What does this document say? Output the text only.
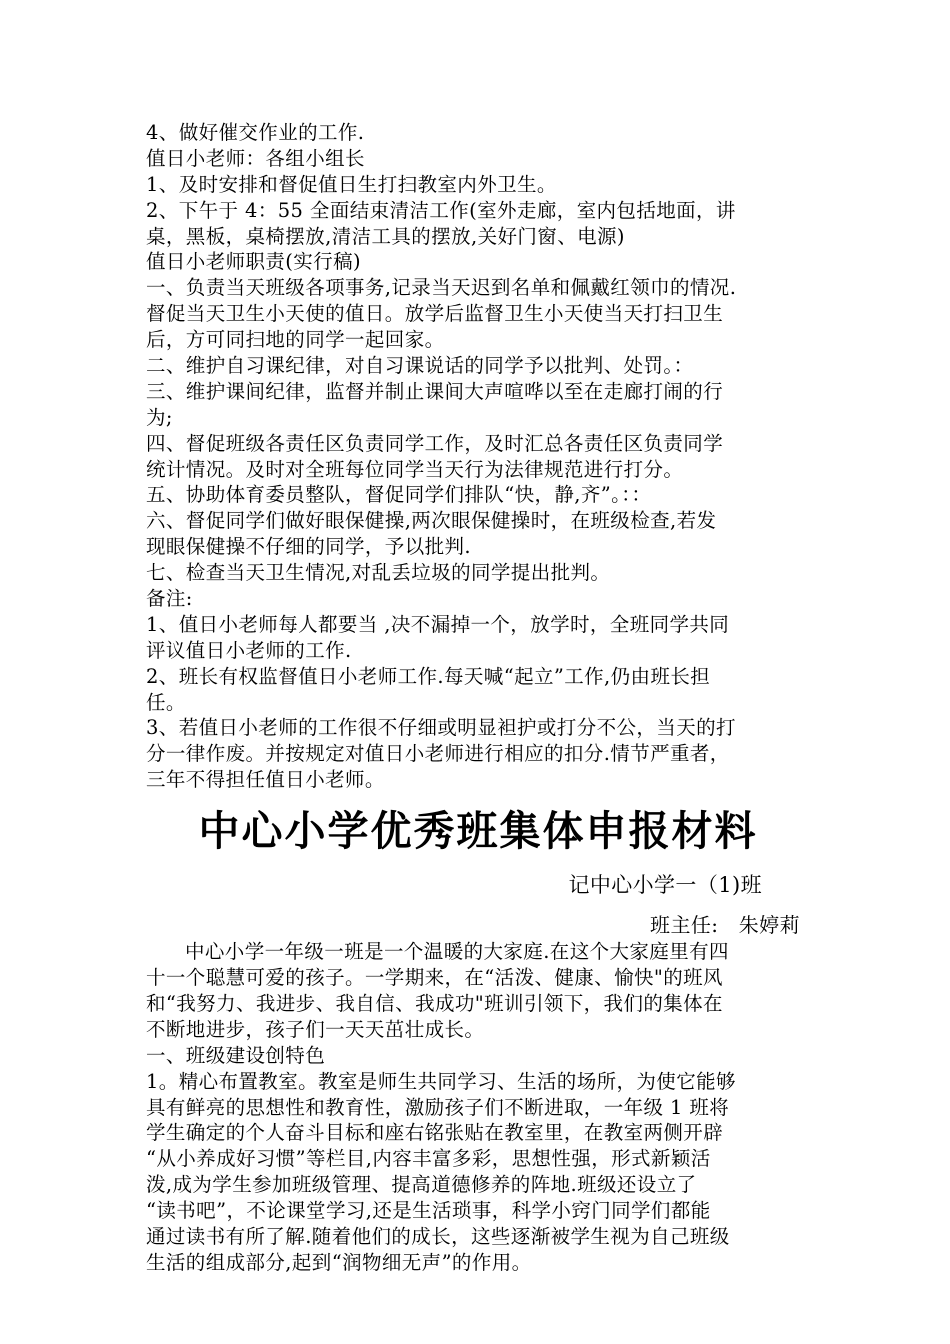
4、做好催交作业的工作.
值日小老师：各组小组长
1、及时安排和督促值日生打扫教室内外卫生。
2、下午于 4：55 全面结束清洁工作(室外走廊，室内包括地面，讲
桌，黑板，桌椅摆放,清洁工具的摆放,关好门窗、电源)
值日小老师职责(实行稿)
一、负责当天班级各项事务,记录当天迟到名单和佩戴红领巾的情况.
督促当天卫生小天使的值日。放学后监督卫生小天使当天打扫卫生
后，方可同扫地的同学一起回家。
二、维护自习课纪律，对自习课说话的同学予以批判、处罚。：
三、维护课间纪律，监督并制止课间大声喧哗以至在走廊打闹的行
为;
四、督促班级各责任区负责同学工作，及时汇总各责任区负责同学
统计情况。及时对全班每位同学当天行为法律规范进行打分。
五、协助体育委员整队，督促同学们排队“快，静,齐”。：：
六、督促同学们做好眼保健操,两次眼保健操时，在班级检查,若发
现眼保健操不仔细的同学，予以批判.
七、检查当天卫生情况,对乱丢垃圾的同学提出批判。
备注:
1、值日小老师每人都要当 ,决不漏掉一个，放学时，全班同学共同
评议值日小老师的工作.
2、班长有权监督值日小老师工作.每天喊“起立”工作,仍由班长担
任。
3、若值日小老师的工作很不仔细或明显袒护或打分不公，当天的打
分一律作废。并按规定对值日小老师进行相应的扣分.情节严重者，
三年不得担任值日小老师。
中心小学优秀班集体申报材料
记中心小学一（1)班
班主任:　朱婷莉
中心小学一年级一班是一个温暖的大家庭.在这个大家庭里有四
十一个聪慧可爱的孩子。一学期来，在“活泼、健康、愉快"的班风
和“我努力、我进步、我自信、我成功"班训引领下，我们的集体在
不断地进步，孩子们一天天茁壮成长。
一、班级建设创特色
1。精心布置教室。教室是师生共同学习、生活的场所，为使它能够
具有鲜亮的思想性和教育性，激励孩子们不断进取，一年级 1 班将
学生确定的个人奋斗目标和座右铭张贴在教室里，在教室两侧开辟
“从小养成好习惯”等栏目,内容丰富多彩，思想性强，形式新颖活
泼,成为学生参加班级管理、提高道德修养的阵地.班级还设立了
“读书吧”，不论课堂学习,还是生活琐事，科学小窍门同学们都能
通过读书有所了解.随着他们的成长，这些逐渐被学生视为自己班级
生活的组成部分,起到“润物细无声”的作用。
